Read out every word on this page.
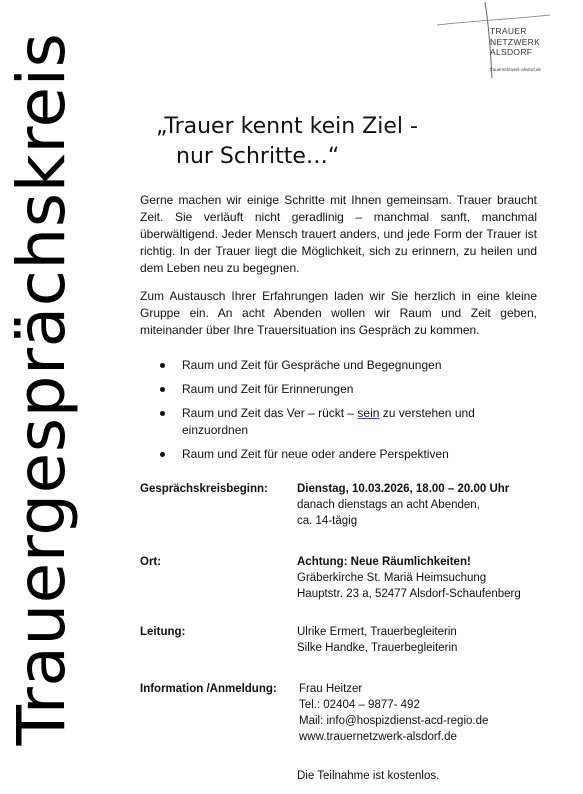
Trauergesprächskreis
TRAUER
NETZWERK
ALSDORF
trauernetzwerk-alsdorf.de
„Trauer kennt kein Ziel -
nur Schritte…“
Gerne machen wir einige Schritte mit Ihnen gemeinsam. Trauer braucht Zeit. Sie verläuft nicht geradlinig – manchmal sanft, manchmal überwältigend. Jeder Mensch trauert anders, und jede Form der Trauer ist richtig. In der Trauer liegt die Möglichkeit, sich zu erinnern, zu heilen und dem Leben neu zu begegnen.
Zum Austausch Ihrer Erfahrungen laden wir Sie herzlich in eine kleine Gruppe ein. An acht Abenden wollen wir Raum und Zeit geben, miteinander über Ihre Trauersituation ins Gespräch zu kommen.
Raum und Zeit für Gespräche und Begegnungen
Raum und Zeit für Erinnerungen
Raum und Zeit das Ver – rückt – sein zu verstehen und einzuordnen
Raum und Zeit für neue oder andere Perspektiven
Gesprächskreisbeginn:	Dienstag, 10.03.2026, 18.00 – 20.00 Uhr
danach dienstags an acht Abenden,
ca. 14-tägig
Ort:	Achtung: Neue Räumlichkeiten!
Gräberkirche St. Mariä Heimsuchung
Hauptstr. 23 a, 52477 Alsdorf-Schaufenberg
Leitung:	Ulrike Ermert, Trauerbegleiterin
Silke Handke, Trauerbegleiterin
Information /Anmeldung: Frau Heitzer
Tel.: 02404 – 9877- 492
Mail: info@hospizdienst-acd-regio.de
www.trauernetzwerk-alsdorf.de
Die Teilnahme ist kostenlos.
